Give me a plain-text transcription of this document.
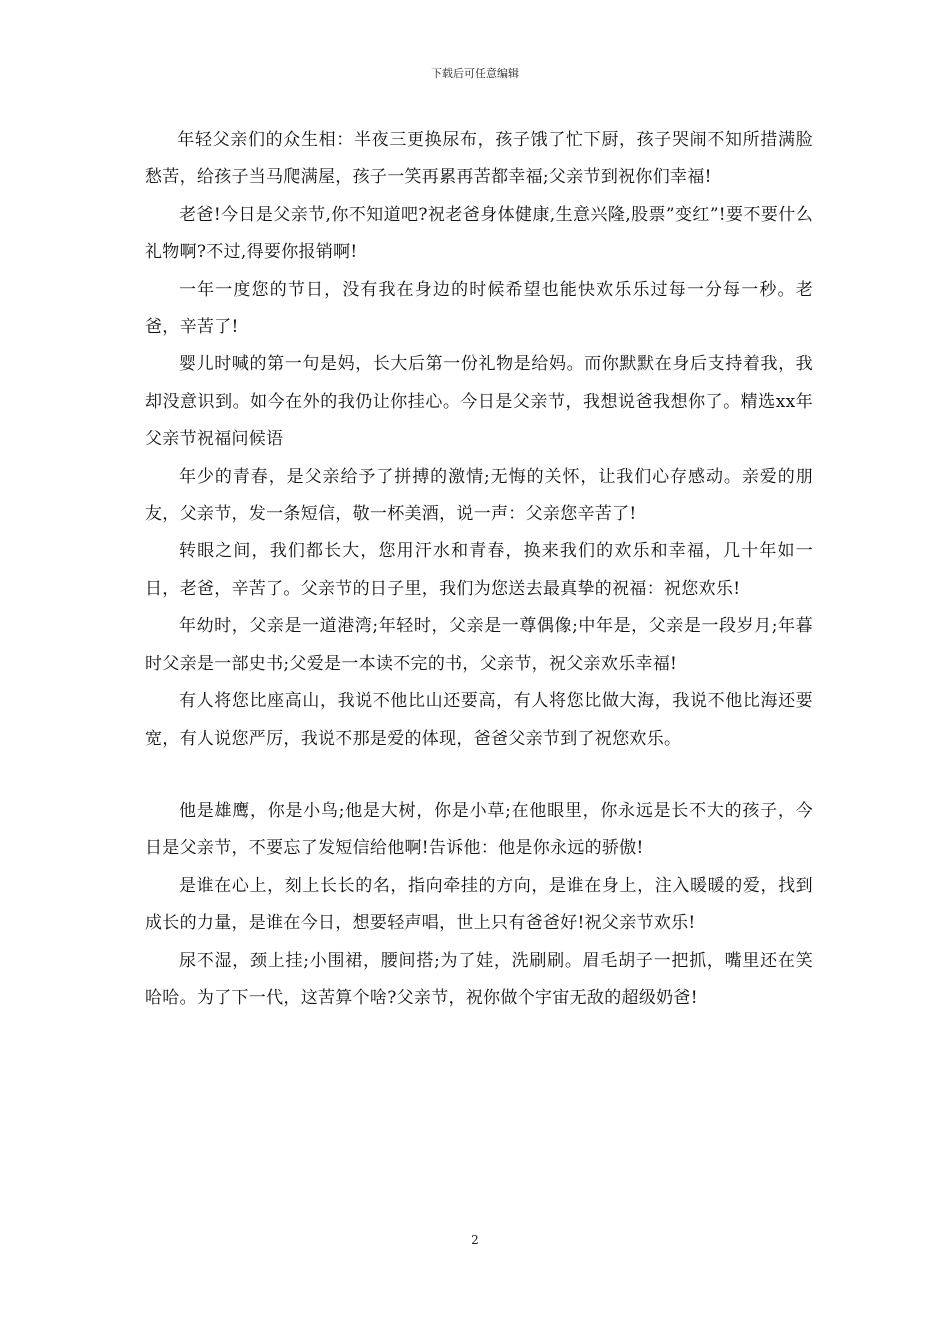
下载后可任意编辑

年轻父亲们的众生相：半夜三更换尿布，孩子饿了忙下厨，孩子哭闹不知所措满脸愁苦，给孩子当马爬满屋，孩子一笑再累再苦都幸福;父亲节到祝你们幸福!

老爸!今日是父亲节,你不知道吧?祝老爸身体健康,生意兴隆,股票”变红”!要不要什么礼物啊?不过,得要你报销啊!

一年一度您的节日，没有我在身边的时候希望也能快欢乐乐过每一分每一秒。老爸，辛苦了!

婴儿时喊的第一句是妈，长大后第一份礼物是给妈。而你默默在身后支持着我，我却没意识到。如今在外的我仍让你挂心。今日是父亲节，我想说爸我想你了。精选xx年父亲节祝福问候语

年少的青春，是父亲给予了拼搏的激情;无悔的关怀，让我们心存感动。亲爱的朋友，父亲节，发一条短信，敬一杯美酒，说一声：父亲您辛苦了!

转眼之间，我们都长大，您用汗水和青春，换来我们的欢乐和幸福，几十年如一日，老爸，辛苦了。父亲节的日子里，我们为您送去最真挚的祝福：祝您欢乐!

年幼时，父亲是一道港湾;年轻时，父亲是一尊偶像;中年是，父亲是一段岁月;年暮时父亲是一部史书;父爱是一本读不完的书，父亲节，祝父亲欢乐幸福!

有人将您比座高山，我说不他比山还要高，有人将您比做大海，我说不他比海还要宽，有人说您严厉，我说不那是爱的体现，爸爸父亲节到了祝您欢乐。

他是雄鹰，你是小鸟;他是大树，你是小草;在他眼里，你永远是长不大的孩子，今日是父亲节，不要忘了发短信给他啊!告诉他：他是你永远的骄傲!

是谁在心上，刻上长长的名，指向牵挂的方向，是谁在身上，注入暖暖的爱，找到成长的力量，是谁在今日，想要轻声唱，世上只有爸爸好!祝父亲节欢乐!

尿不湿，颈上挂;小围裙，腰间搭;为了娃，洗刷刷。眉毛胡子一把抓，嘴里还在笑哈哈。为了下一代，这苦算个啥?父亲节，祝你做个宇宙无敌的超级奶爸!

2
